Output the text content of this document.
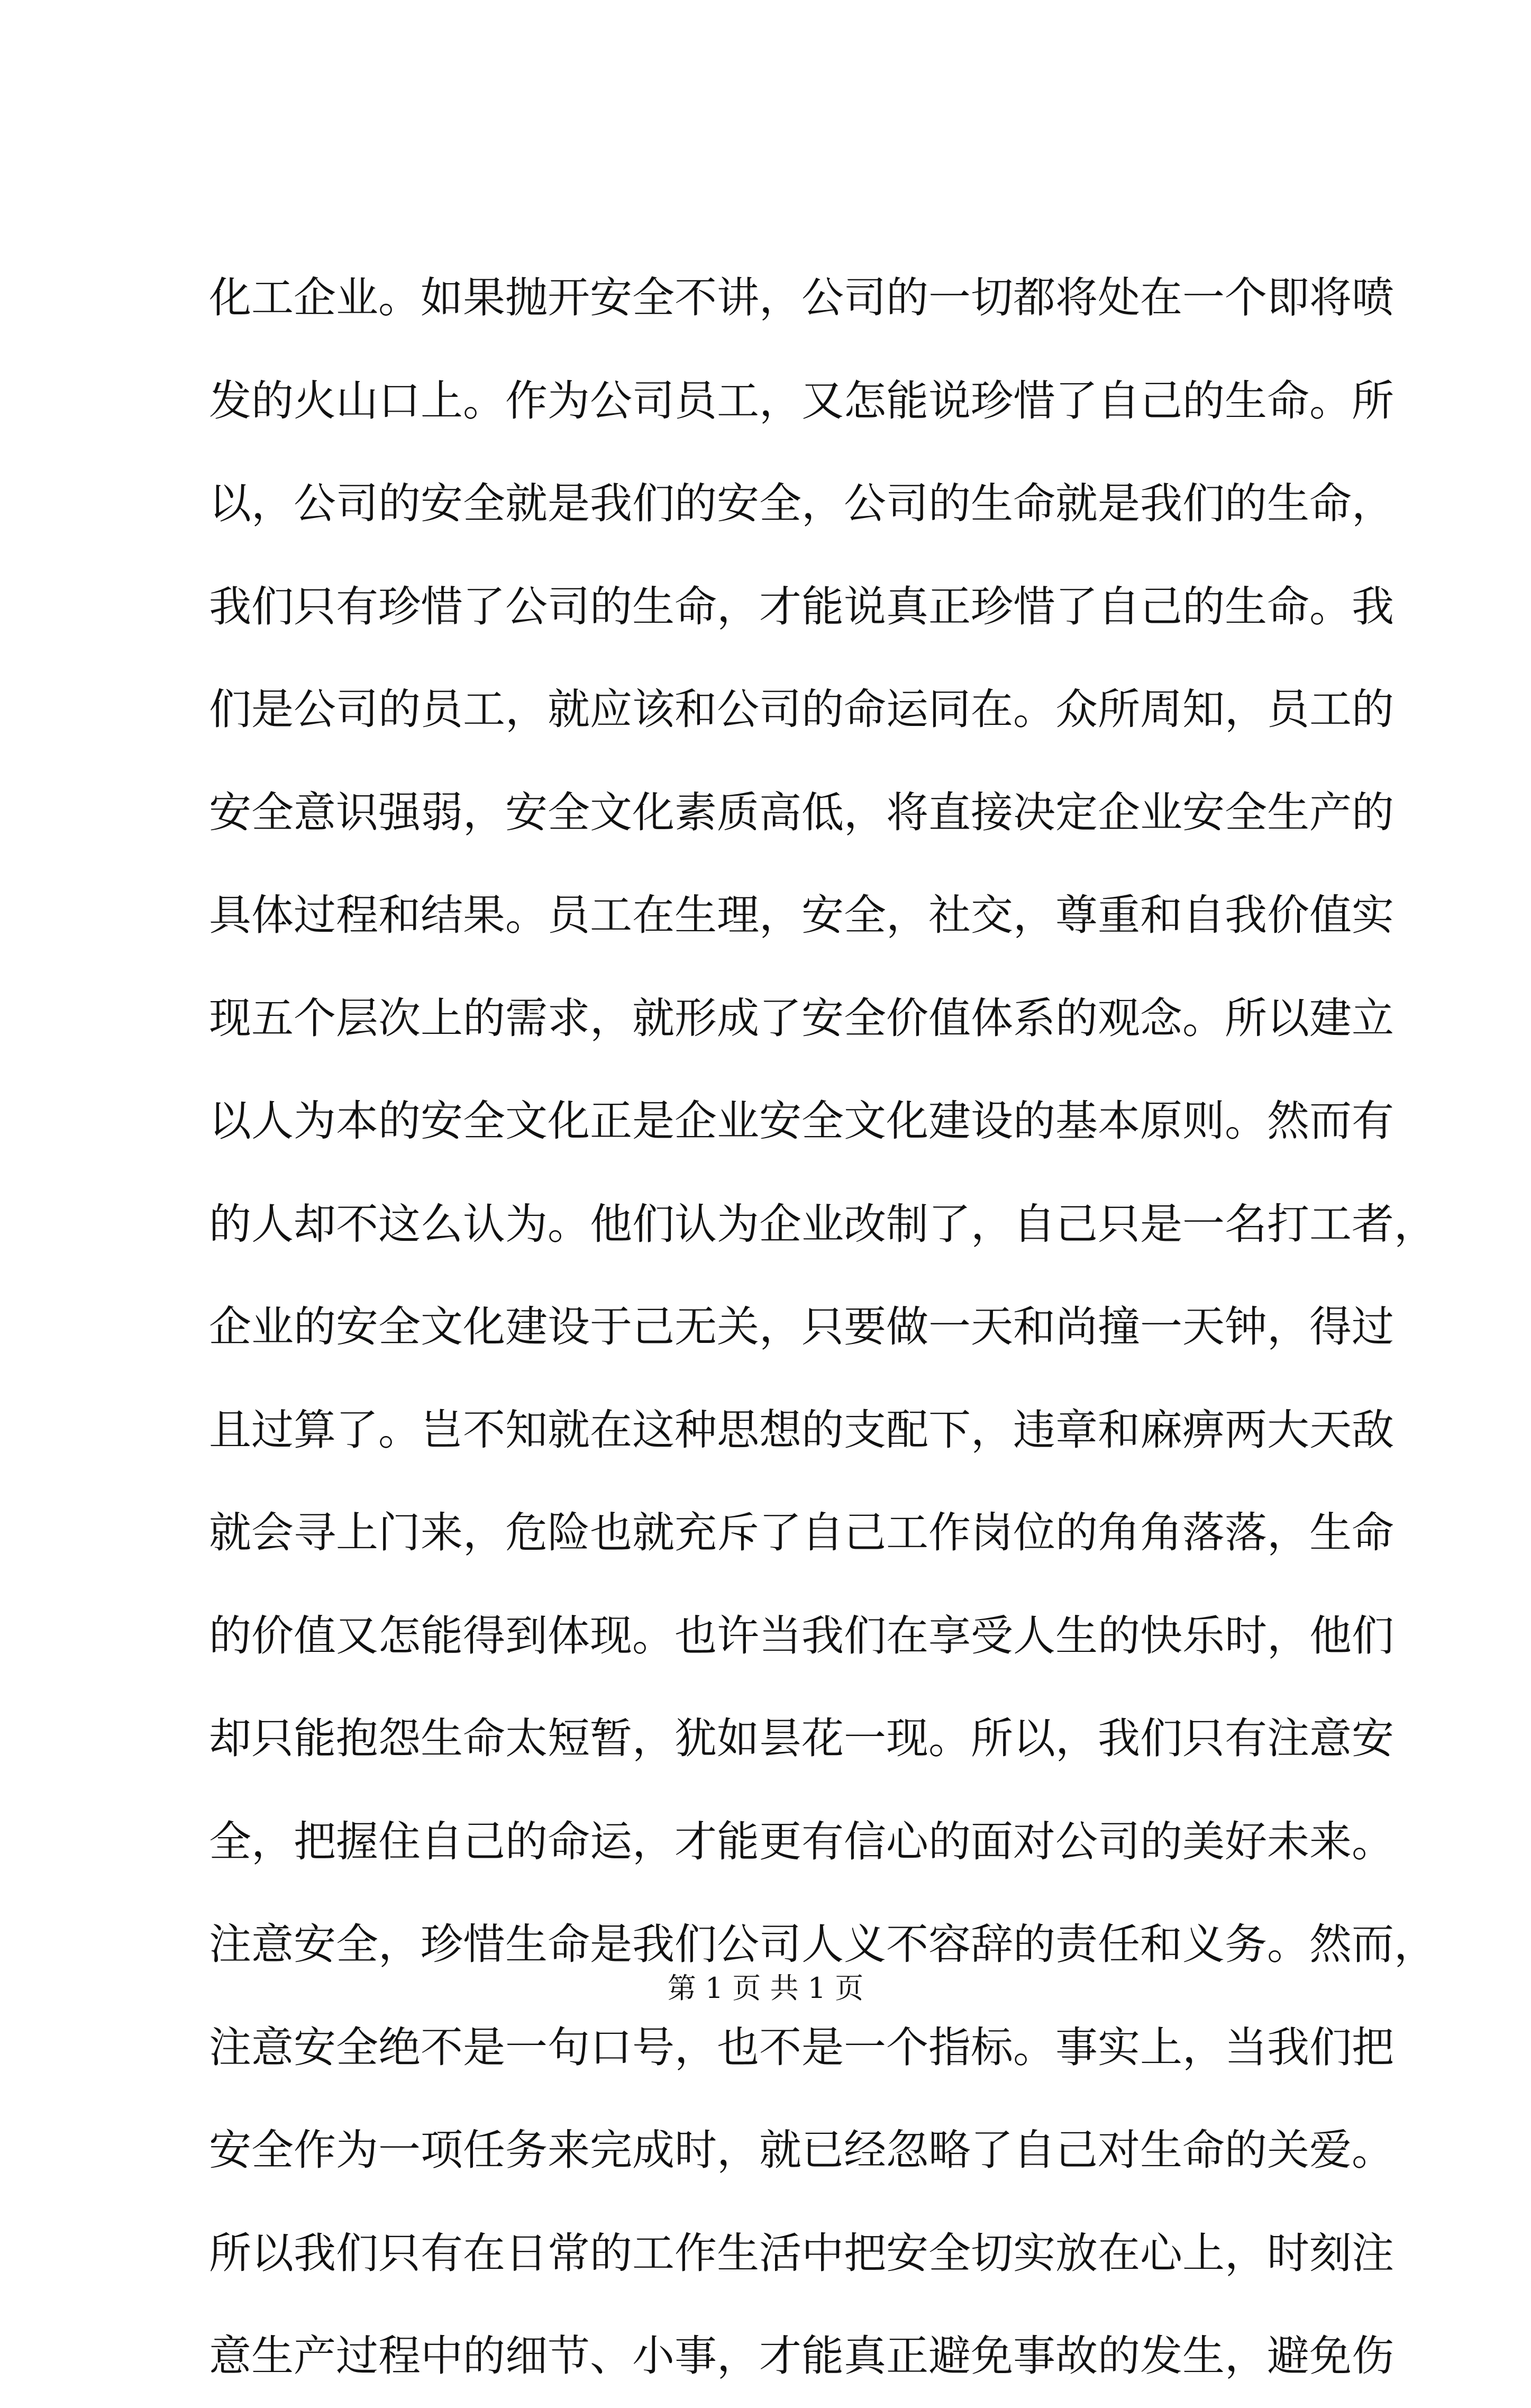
化工企业。如果抛开安全不讲，公司的一切都将处在一个即将喷
发的火山口上。作为公司员工，又怎能说珍惜了自己的生命。所
以，公司的安全就是我们的安全，公司的生命就是我们的生命，
我们只有珍惜了公司的生命，才能说真正珍惜了自己的生命。我
们是公司的员工，就应该和公司的命运同在。众所周知，员工的
安全意识强弱，安全文化素质高低，将直接决定企业安全生产的
具体过程和结果。员工在生理，安全，社交，尊重和自我价值实
现五个层次上的需求，就形成了安全价值体系的观念。所以建立
以人为本的安全文化正是企业安全文化建设的基本原则。然而有
的人却不这么认为。他们认为企业改制了，自己只是一名打工者，
企业的安全文化建设于己无关，只要做一天和尚撞一天钟，得过
且过算了。岂不知就在这种思想的支配下，违章和麻痹两大天敌
就会寻上门来，危险也就充斥了自己工作岗位的角角落落，生命
的价值又怎能得到体现。也许当我们在享受人生的快乐时，他们
却只能抱怨生命太短暂，犹如昙花一现。所以，我们只有注意安
全，把握住自己的命运，才能更有信心的面对公司的美好未来。
注意安全，珍惜生命是我们公司人义不容辞的责任和义务。然而，
注意安全绝不是一句口号，也不是一个指标。事实上，当我们把
安全作为一项任务来完成时，就已经忽略了自己对生命的关爱。
所以我们只有在日常的工作生活中把安全切实放在心上，时刻注
意生产过程中的细节、小事，才能真正避免事故的发生，避免伤
第 1 页 共 1 页
